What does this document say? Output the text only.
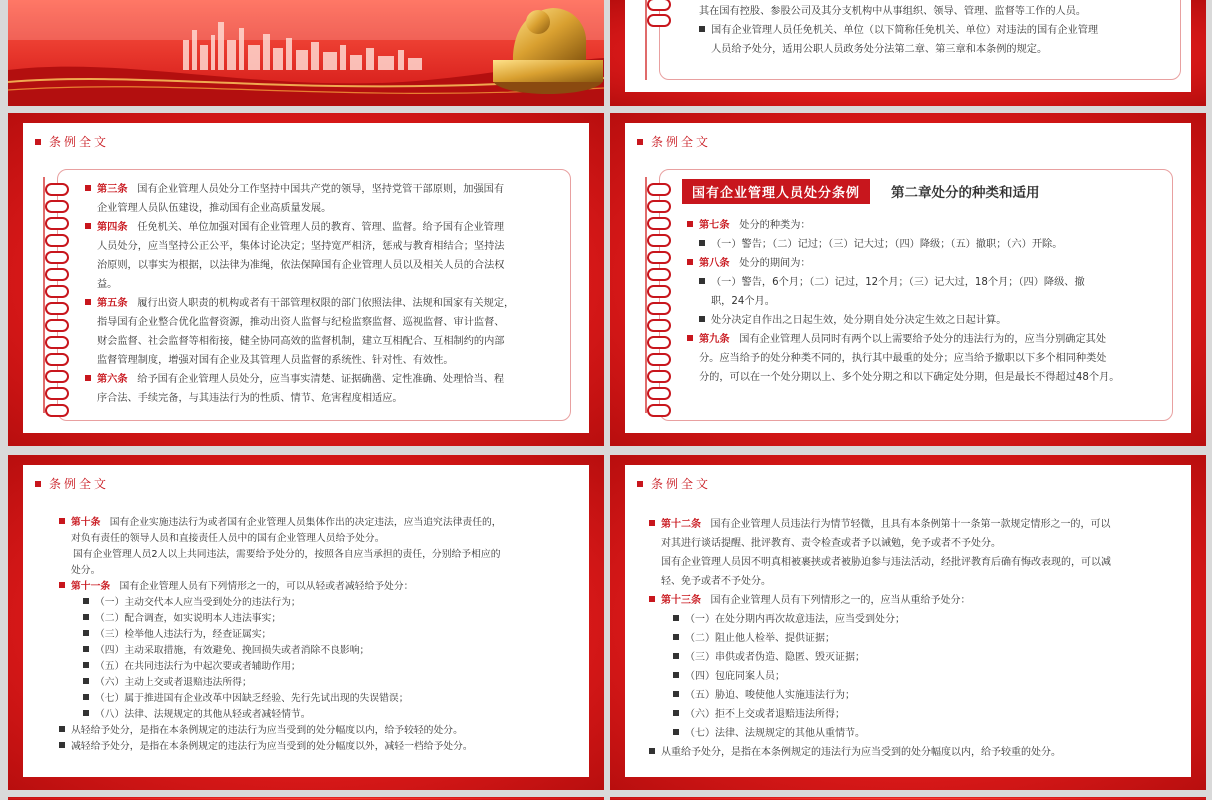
其在国有控股、参股公司及其分支机构中从事组织、领导、管理、监督等工作的人员。
国有企业管理人员任免机关、单位（以下简称任免机关、单位）对违法的国有企业管理
人员给予处分，适用公职人员政务处分法第二章、第三章和本条例的规定。
条例全文
第三条 国有企业管理人员处分工作坚持中国共产党的领导，坚持党管干部原则，加强国有
企业管理人员队伍建设，推动国有企业高质量发展。
第四条 任免机关、单位加强对国有企业管理人员的教育、管理、监督。给予国有企业管理
人员处分，应当坚持公正公平，集体讨论决定；坚持宽严相济，惩戒与教育相结合；坚持法
治原则，以事实为根据，以法律为准绳，依法保障国有企业管理人员以及相关人员的合法权
益。
第五条 履行出资人职责的机构或者有干部管理权限的部门依照法律、法规和国家有关规定，
指导国有企业整合优化监督资源，推动出资人监督与纪检监察监督、巡视监督、审计监督、
财会监督、社会监督等相衔接，健全协同高效的监督机制，建立互相配合、互相制约的内部
监督管理制度，增强对国有企业及其管理人员监督的系统性、针对性、有效性。
第六条 给予国有企业管理人员处分，应当事实清楚、证据确凿、定性准确、处理恰当、程
序合法、手续完备，与其违法行为的性质、情节、危害程度相适应。
条例全文
国有企业管理人员处分条例	第二章处分的种类和适用
第七条 处分的种类为：
（一）警告；（二）记过；（三）记大过；（四）降级；（五）撤职；（六）开除。
第八条 处分的期间为：
（一）警告，6个月；（二）记过，12个月；（三）记大过，18个月；（四）降级、撤
职，24个月。
处分决定自作出之日起生效，处分期自处分决定生效之日起计算。
第九条 国有企业管理人员同时有两个以上需要给予处分的违法行为的，应当分别确定其处
分。应当给予的处分种类不同的，执行其中最重的处分；应当给予撤职以下多个相同种类处
分的，可以在一个处分期以上、多个处分期之和以下确定处分期，但是最长不得超过48个月。
条例全文
第十条 国有企业实施违法行为或者国有企业管理人员集体作出的决定违法，应当追究法律责任的，
对负有责任的领导人员和直接责任人员中的国有企业管理人员给予处分。
国有企业管理人员2人以上共同违法，需要给予处分的，按照各自应当承担的责任，分别给予相应的
处分。
第十一条 国有企业管理人员有下列情形之一的，可以从轻或者减轻给予处分：
（一）主动交代本人应当受到处分的违法行为；
（二）配合调查，如实说明本人违法事实；
（三）检举他人违法行为，经查证属实；
（四）主动采取措施，有效避免、挽回损失或者消除不良影响；
（五）在共同违法行为中起次要或者辅助作用；
（六）主动上交或者退赔违法所得；
（七）属于推进国有企业改革中因缺乏经验、先行先试出现的失误错误；
（八）法律、法规规定的其他从轻或者减轻情节。
从轻给予处分，是指在本条例规定的违法行为应当受到的处分幅度以内，给予较轻的处分。
减轻给予处分，是指在本条例规定的违法行为应当受到的处分幅度以外，减轻一档给予处分。
条例全文
第十二条 国有企业管理人员违法行为情节轻微，且具有本条例第十一条第一款规定情形之一的，可以
对其进行谈话提醒、批评教育、责令检查或者予以诫勉，免予或者不予处分。
国有企业管理人员因不明真相被裹挟或者被胁迫参与违法活动，经批评教育后确有悔改表现的，可以减
轻、免予或者不予处分。
第十三条 国有企业管理人员有下列情形之一的，应当从重给予处分：
（一）在处分期内再次故意违法，应当受到处分；
（二）阻止他人检举、提供证据；
（三）串供或者伪造、隐匿、毁灭证据；
（四）包庇同案人员；
（五）胁迫、唆使他人实施违法行为；
（六）拒不上交或者退赔违法所得；
（七）法律、法规规定的其他从重情节。
从重给予处分，是指在本条例规定的违法行为应当受到的处分幅度以内，给予较重的处分。
